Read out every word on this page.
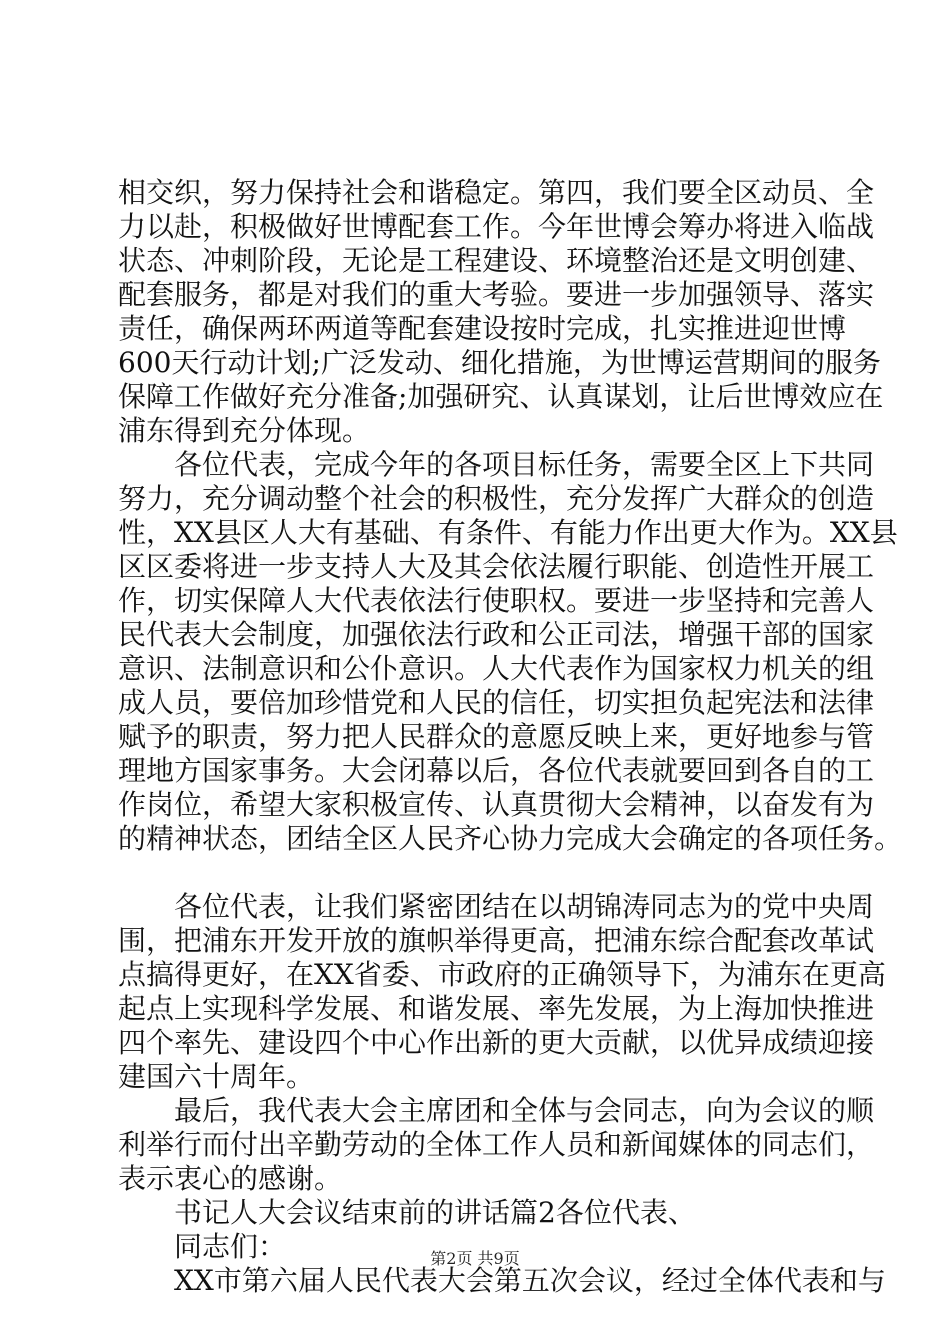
相交织，努力保持社会和谐稳定。第四，我们要全区动员、全
力以赴，积极做好世博配套工作。今年世博会筹办将进入临战
状态、冲刺阶段，无论是工程建设、环境整治还是文明创建、
配套服务，都是对我们的重大考验。要进一步加强领导、落实
责任，确保两环两道等配套建设按时完成，扎实推进迎世博
600天行动计划;广泛发动、细化措施，为世博运营期间的服务
保障工作做好充分准备;加强研究、认真谋划，让后世博效应在
浦东得到充分体现。
　　各位代表，完成今年的各项目标任务，需要全区上下共同
努力，充分调动整个社会的积极性，充分发挥广大群众的创造
性，XX县区人大有基础、有条件、有能力作出更大作为。XX县
区区委将进一步支持人大及其会依法履行职能、创造性开展工
作，切实保障人大代表依法行使职权。要进一步坚持和完善人
民代表大会制度，加强依法行政和公正司法，增强干部的国家
意识、法制意识和公仆意识。人大代表作为国家权力机关的组
成人员，要倍加珍惜党和人民的信任，切实担负起宪法和法律
赋予的职责，努力把人民群众的意愿反映上来，更好地参与管
理地方国家事务。大会闭幕以后，各位代表就要回到各自的工
作岗位，希望大家积极宣传、认真贯彻大会精神，以奋发有为
的精神状态，团结全区人民齐心协力完成大会确定的各项任务。
　　各位代表，让我们紧密团结在以胡锦涛同志为的党中央周
围，把浦东开发开放的旗帜举得更高，把浦东综合配套改革试
点搞得更好，在XX省委、市政府的正确领导下，为浦东在更高
起点上实现科学发展、和谐发展、率先发展，为上海加快推进
四个率先、建设四个中心作出新的更大贡献，以优异成绩迎接
建国六十周年。
　　最后，我代表大会主席团和全体与会同志，向为会议的顺
利举行而付出辛勤劳动的全体工作人员和新闻媒体的同志们，
表示衷心的感谢。
　　书记人大会议结束前的讲话篇2各位代表、
　　同志们：
　　XX市第六届人民代表大会第五次会议，经过全体代表和与
第2页 共9页
